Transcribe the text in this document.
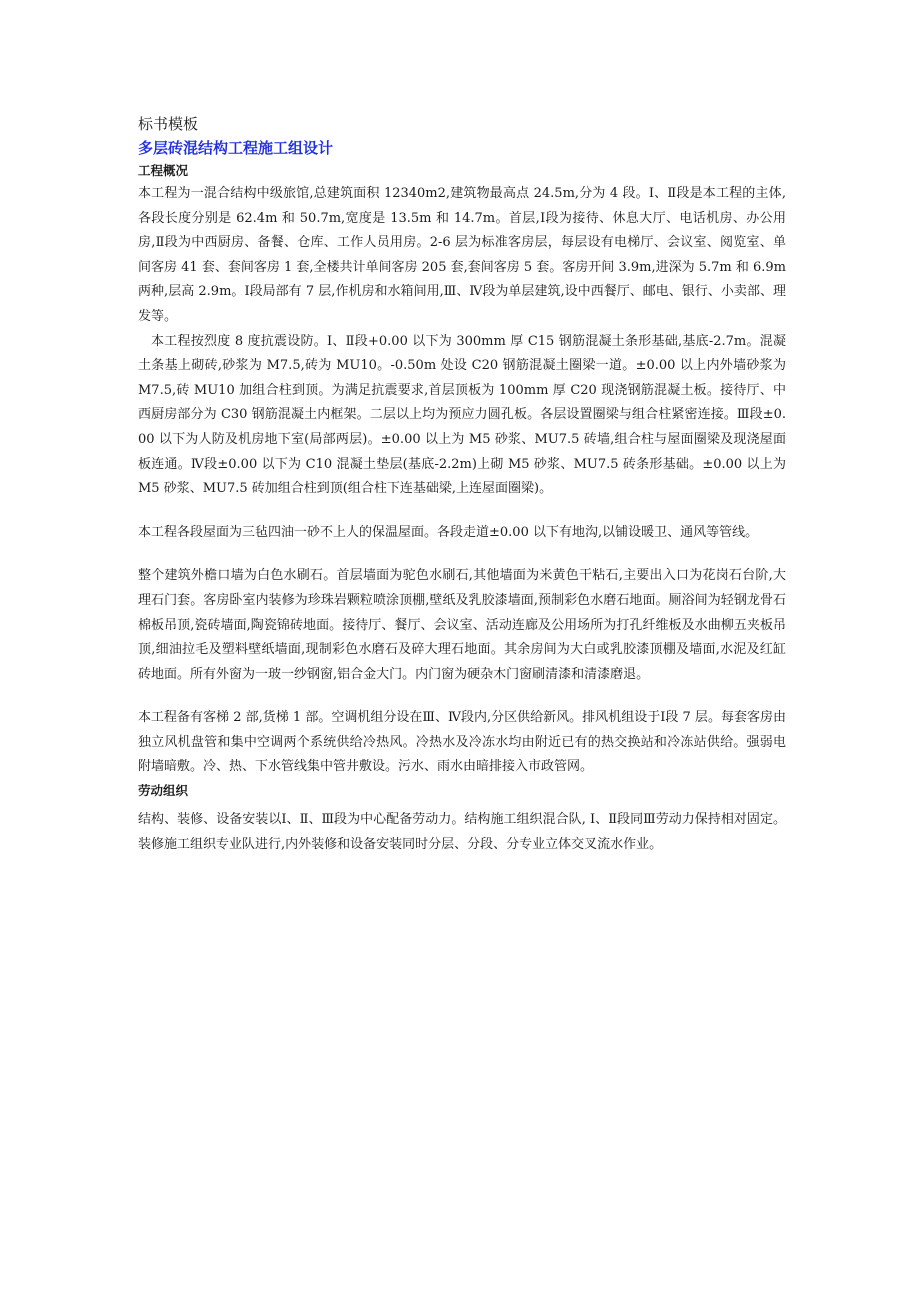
标书模板

多层砖混结构工程施工组设计

工程概况

本工程为一混合结构中级旅馆,总建筑面积 12340m2,建筑物最高点 24.5m,分为 4 段。Ⅰ、Ⅱ段是本工程的主体,各段长度分别是 62.4m 和 50.7m,宽度是 13.5m 和 14.7m。首层,Ⅰ段为接待、休息大厅、电话机房、办公用房,Ⅱ段为中西厨房、备餐、仓库、工作人员用房。2-6 层为标准客房层，每层设有电梯厅、会议室、阅览室、单间客房 41 套、套间客房 1 套,全楼共计单间客房 205 套,套间客房 5 套。客房开间 3.9m,进深为 5.7m 和 6.9m 两种,层高 2.9m。Ⅰ段局部有 7 层,作机房和水箱间用,Ⅲ、Ⅳ段为单层建筑,设中西餐厅、邮电、银行、小卖部、理发等。

本工程按烈度 8 度抗震设防。Ⅰ、Ⅱ段+0.00 以下为 300mm 厚 C15 钢筋混凝土条形基础,基底-2.7m。混凝土条基上砌砖,砂浆为 M7.5,砖为 MU10。-0.50m 处设 C20 钢筋混凝土圈梁一道。±0.00 以上内外墙砂浆为 M7.5,砖 MU10 加组合柱到顶。为满足抗震要求,首层顶板为 100mm 厚 C20 现浇钢筋混凝土板。接待厅、中西厨房部分为 C30 钢筋混凝土内框架。二层以上均为预应力圆孔板。各层设置圈梁与组合柱紧密连接。Ⅲ段±0.00 以下为人防及机房地下室(局部两层)。±0.00 以上为 M5 砂浆、MU7.5 砖墙,组合柱与屋面圈梁及现浇屋面板连通。Ⅳ段±0.00 以下为 C10 混凝土垫层(基底-2.2m)上砌 M5 砂浆、MU7.5 砖条形基础。±0.00 以上为 M5 砂浆、MU7.5 砖加组合柱到顶(组合柱下连基础梁,上连屋面圈梁)。

本工程各段屋面为三毡四油一砂不上人的保温屋面。各段走道±0.00 以下有地沟,以铺设暖卫、通风等管线。

整个建筑外檐口墙为白色水刷石。首层墙面为驼色水刷石,其他墙面为米黄色干粘石,主要出入口为花岗石台阶,大理石门套。客房卧室内装修为珍珠岩颗粒喷涂顶棚,壁纸及乳胶漆墙面,预制彩色水磨石地面。厕浴间为轻钢龙骨石棉板吊顶,瓷砖墙面,陶瓷锦砖地面。接待厅、餐厅、会议室、活动连廊及公用场所为打孔纤维板及水曲柳五夹板吊顶,细油拉毛及塑料壁纸墙面,现制彩色水磨石及碎大理石地面。其余房间为大白或乳胶漆顶棚及墙面,水泥及红缸砖地面。所有外窗为一玻一纱钢窗,铝合金大门。内门窗为硬杂木门窗刷清漆和清漆磨退。

本工程备有客梯 2 部,货梯 1 部。空调机组分设在Ⅲ、Ⅳ段内,分区供给新风。排风机组设于Ⅰ段 7 层。每套客房由独立风机盘管和集中空调两个系统供给冷热风。冷热水及冷冻水均由附近已有的热交换站和冷冻站供给。强弱电附墙暗敷。冷、热、下水管线集中管井敷设。污水、雨水由暗排接入市政管网。

劳动组织

结构、装修、设备安装以Ⅰ、Ⅱ、Ⅲ段为中心配备劳动力。结构施工组织混合队, Ⅰ、Ⅱ段同Ⅲ劳动力保持相对固定。装修施工组织专业队进行,内外装修和设备安装同时分层、分段、分专业立体交叉流水作业。
